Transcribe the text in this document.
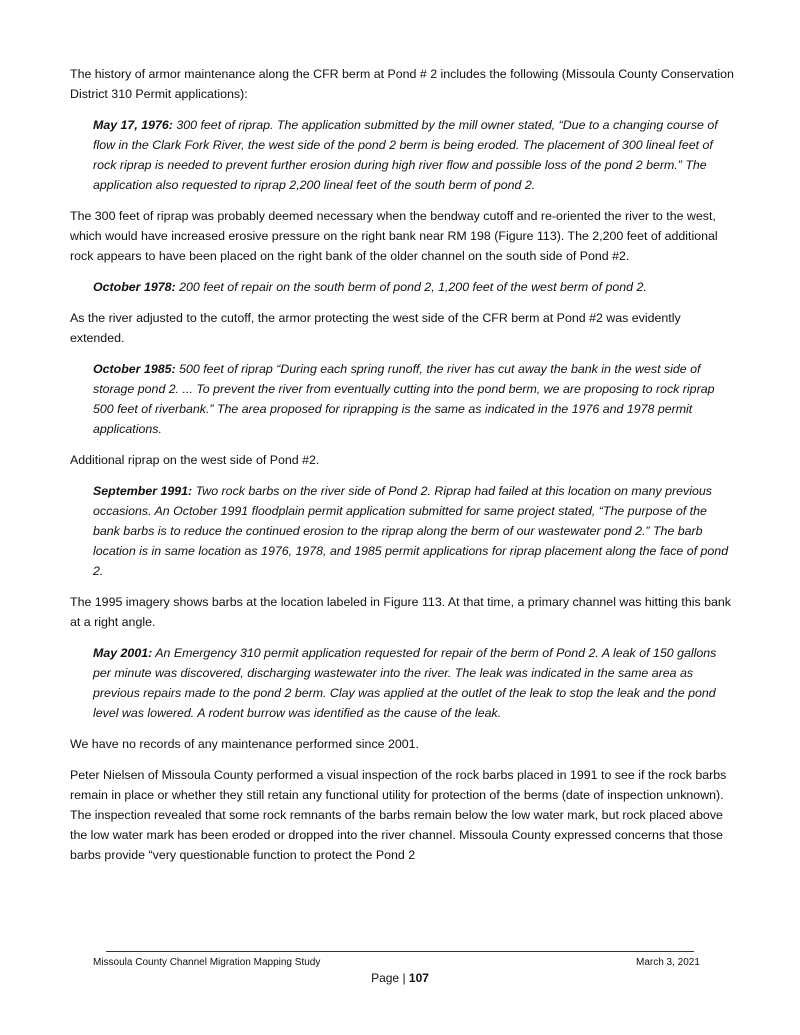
The history of armor maintenance along the CFR berm at Pond # 2 includes the following (Missoula County Conservation District 310 Permit applications):

May 17, 1976: 300 feet of riprap. The application submitted by the mill owner stated, “Due to a changing course of flow in the Clark Fork River, the west side of the pond 2 berm is being eroded. The placement of 300 lineal feet of rock riprap is needed to prevent further erosion during high river flow and possible loss of the pond 2 berm.” The application also requested to riprap 2,200 lineal feet of the south berm of pond 2.

The 300 feet of riprap was probably deemed necessary when the bendway cutoff and re-oriented the river to the west, which would have increased erosive pressure on the right bank near RM 198 (Figure 113). The 2,200 feet of additional rock appears to have been placed on the right bank of the older channel on the south side of Pond #2.

October 1978: 200 feet of repair on the south berm of pond 2, 1,200 feet of the west berm of pond 2.

As the river adjusted to the cutoff, the armor protecting the west side of the CFR berm at Pond #2 was evidently extended.

October 1985: 500 feet of riprap “During each spring runoff, the river has cut away the bank in the west side of storage pond 2. ... To prevent the river from eventually cutting into the pond berm, we are proposing to rock riprap 500 feet of riverbank.” The area proposed for riprapping is the same as indicated in the 1976 and 1978 permit applications.

Additional riprap on the west side of Pond #2.

September 1991: Two rock barbs on the river side of Pond 2. Riprap had failed at this location on many previous occasions. An October 1991 floodplain permit application submitted for same project stated, “The purpose of the bank barbs is to reduce the continued erosion to the riprap along the berm of our wastewater pond 2.” The barb location is in same location as 1976, 1978, and 1985 permit applications for riprap placement along the face of pond 2.

The 1995 imagery shows barbs at the location labeled in Figure 113. At that time, a primary channel was hitting this bank at a right angle.

May 2001: An Emergency 310 permit application requested for repair of the berm of Pond 2. A leak of 150 gallons per minute was discovered, discharging wastewater into the river. The leak was indicated in the same area as previous repairs made to the pond 2 berm. Clay was applied at the outlet of the leak to stop the leak and the pond level was lowered. A rodent burrow was identified as the cause of the leak.

We have no records of any maintenance performed since 2001.

Peter Nielsen of Missoula County performed a visual inspection of the rock barbs placed in 1991 to see if the rock barbs remain in place or whether they still retain any functional utility for protection of the berms (date of inspection unknown). The inspection revealed that some rock remnants of the barbs remain below the low water mark, but rock placed above the low water mark has been eroded or dropped into the river channel. Missoula County expressed concerns that those barbs provide “very questionable function to protect the Pond 2

Missoula County Channel Migration Mapping Study	March 3, 2021
Page | 107
